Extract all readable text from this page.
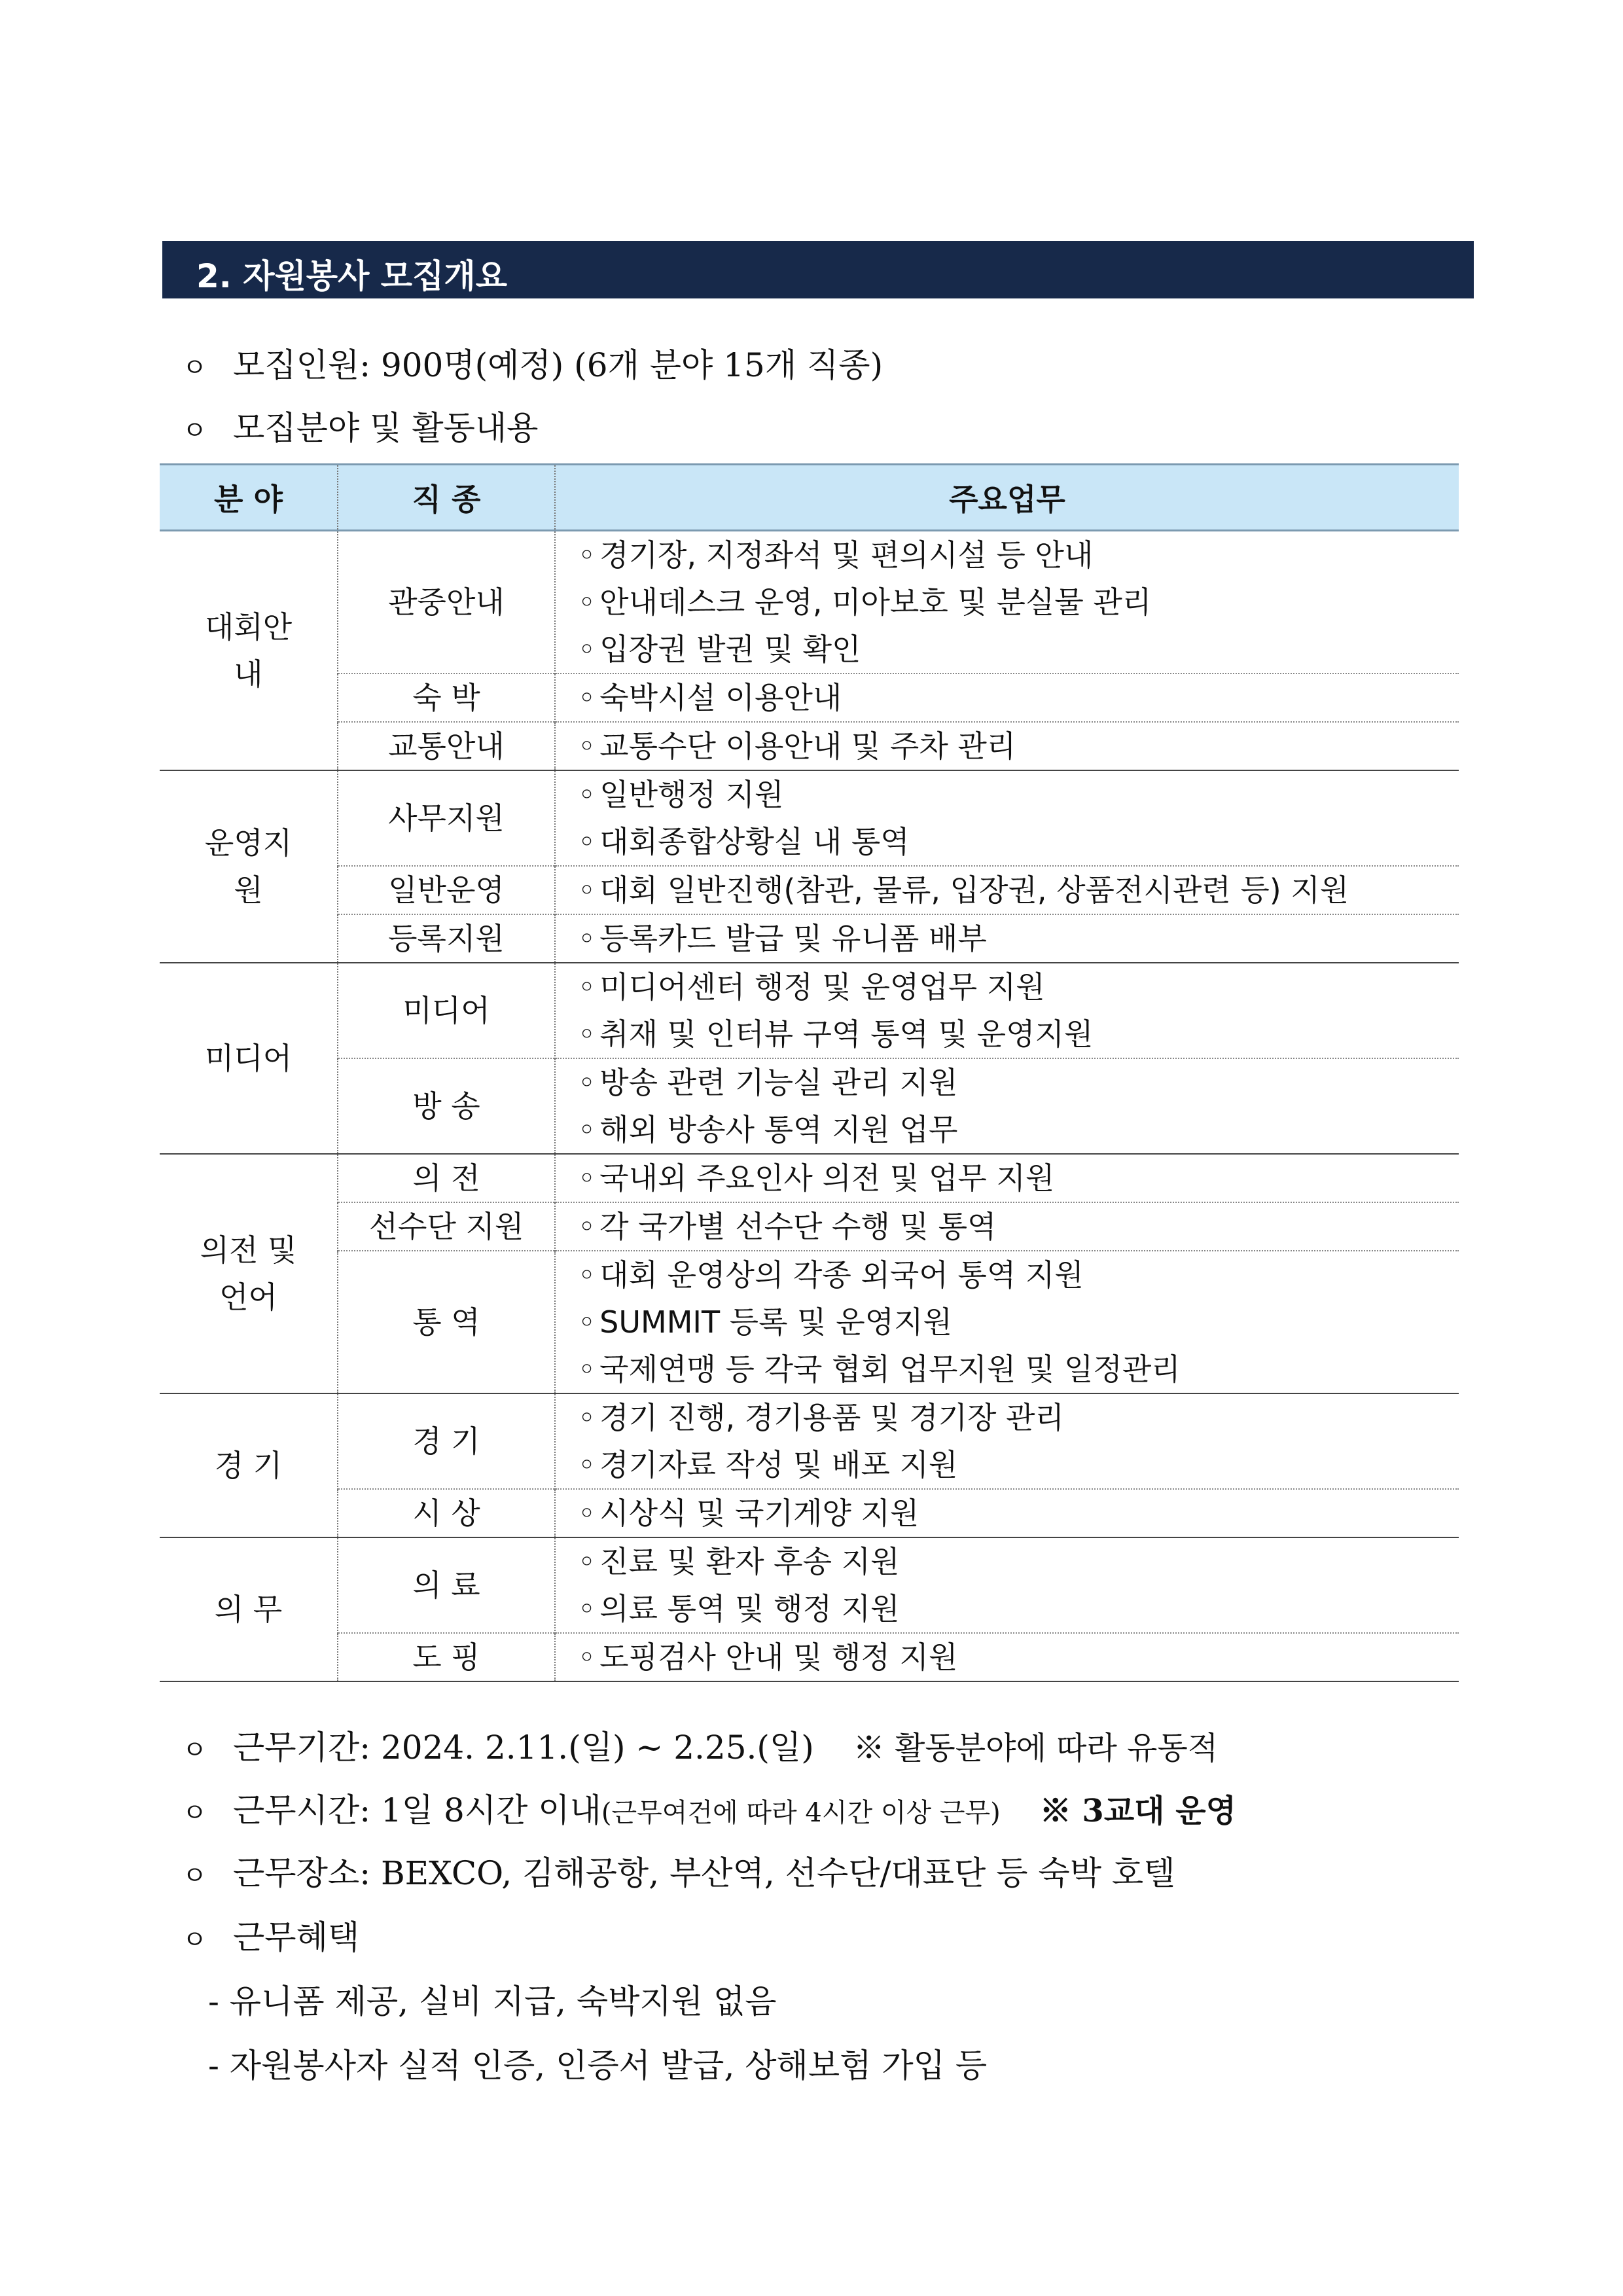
2. 자원봉사 모집개요
ㅇ 모집인원: 900명(예정) (6개 분야 15개 직종)
ㅇ 모집분야 및 활동내용
분 야	직 종	주요업무
대회안내	관중안내	◦ 경기장, 지정좌석 및 편의시설 등 안내
◦ 안내데스크 운영, 미아보호 및 분실물 관리
◦ 입장권 발권 및 확인

	숙 박	◦ 숙박시설 이용안내

	교통안내	◦ 교통수단 이용안내 및 주차 관리

운영지원	사무지원	◦ 일반행정 지원
◦ 대회종합상황실 내 통역

	일반운영	◦ 대회 일반진행(참관, 물류, 입장권, 상품전시관련 등) 지원

	등록지원	◦ 등록카드 발급 및 유니폼 배부

미디어	미디어	◦ 미디어센터 행정 및 운영업무 지원
◦ 취재 및 인터뷰 구역 통역 및 운영지원

	방 송	◦ 방송 관련 기능실 관리 지원
◦ 해외 방송사 통역 지원 업무

의전 및 언어	의 전	◦ 국내외 주요인사 의전 및 업무 지원

	선수단 지원	◦ 각 국가별 선수단 수행 및 통역

	통 역	◦ 대회 운영상의 각종 외국어 통역 지원
◦ SUMMIT 등록 및 운영지원
◦ 국제연맹 등 각국 협회 업무지원 및 일정관리

경 기	경 기	◦ 경기 진행, 경기용품 및 경기장 관리
◦ 경기자료 작성 및 배포 지원

	시 상	◦ 시상식 및 국기게양 지원

의 무	의 료	◦ 진료 및 환자 후송 지원
◦ 의료 통역 및 행정 지원

	도 핑	◦ 도핑검사 안내 및 행정 지원
ㅇ 근무기간: 2024. 2.11.(일) ~ 2.25.(일) ※ 활동분야에 따라 유동적
ㅇ 근무시간: 1일 8시간 이내(근무여건에 따라 4시간 이상 근무) ※ 3교대 운영
ㅇ 근무장소: BEXCO, 김해공항, 부산역, 선수단/대표단 등 숙박 호텔
ㅇ 근무혜택
- 유니폼 제공, 실비 지급, 숙박지원 없음
- 자원봉사자 실적 인증, 인증서 발급, 상해보험 가입 등
